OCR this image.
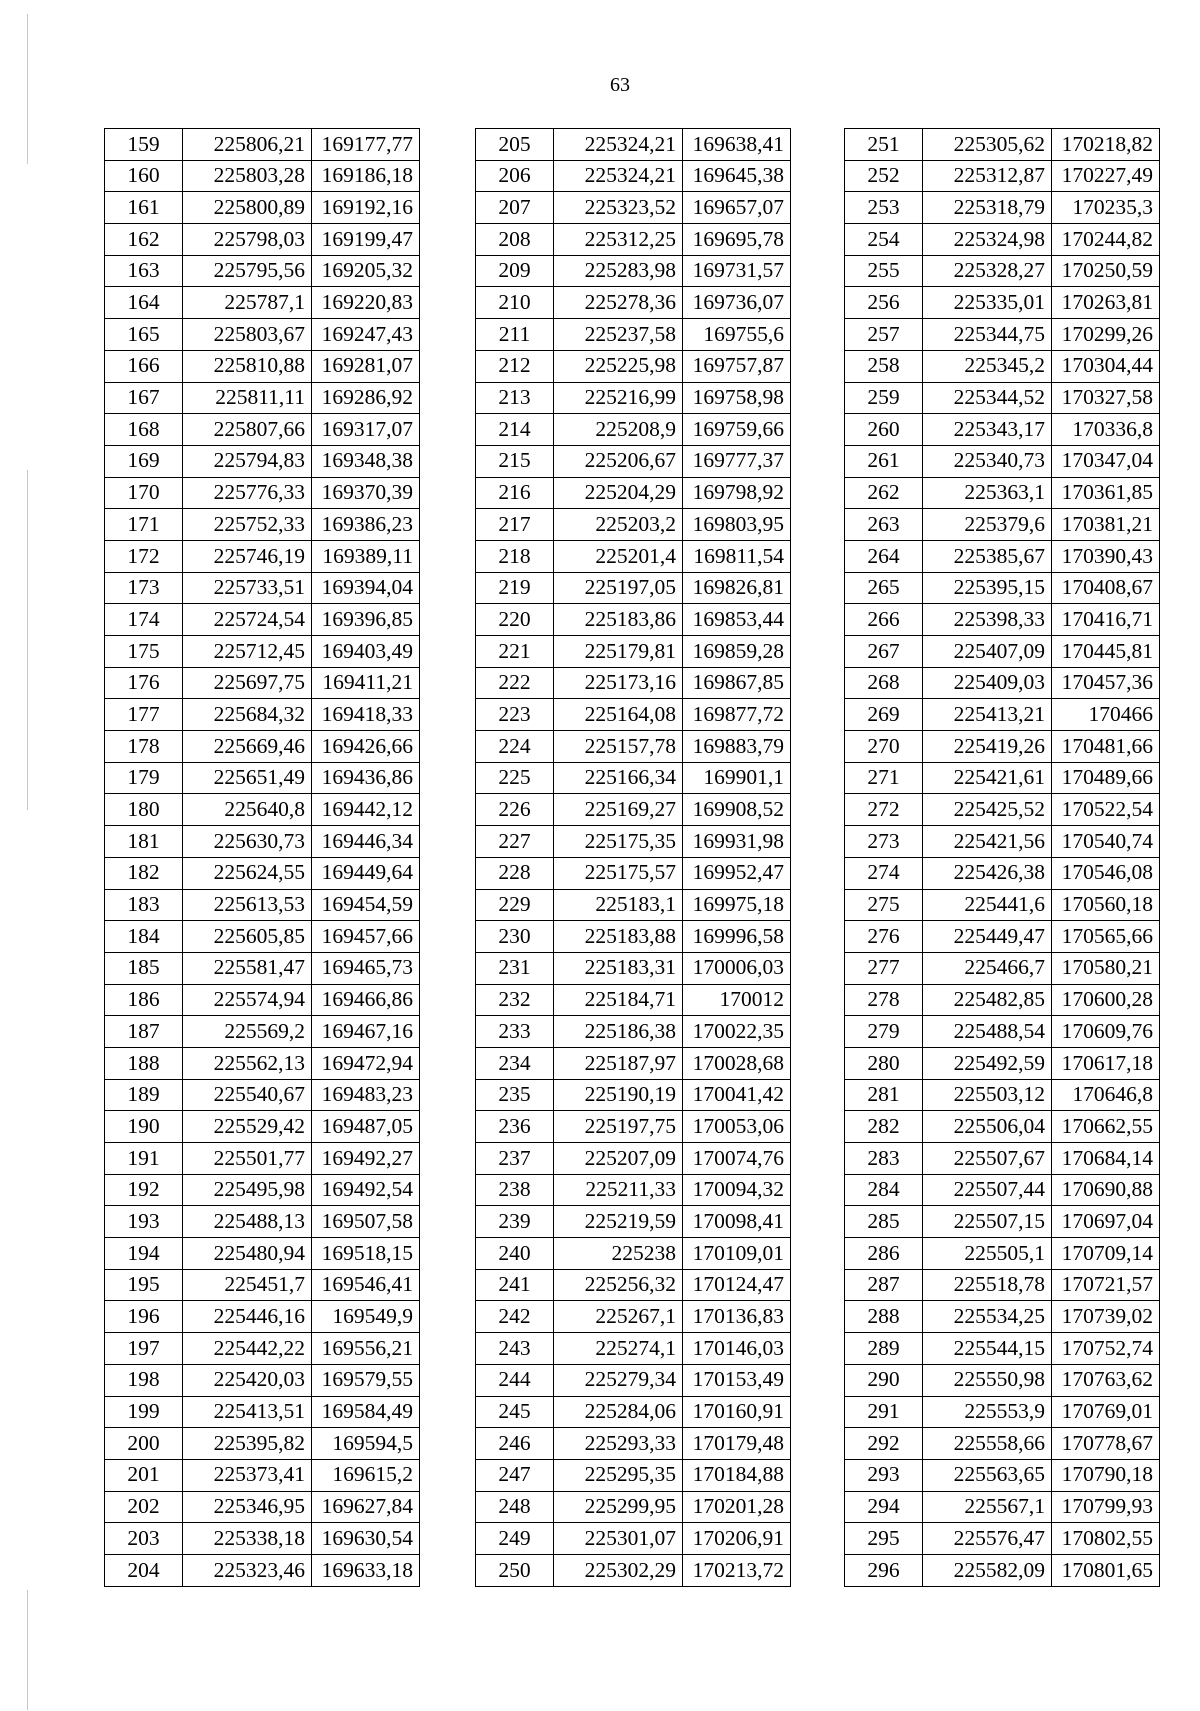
63
159	225806,21	169177,77
160	225803,28	169186,18
161	225800,89	169192,16
162	225798,03	169199,47
163	225795,56	169205,32
164	225787,1	169220,83
165	225803,67	169247,43
166	225810,88	169281,07
167	225811,11	169286,92
168	225807,66	169317,07
169	225794,83	169348,38
170	225776,33	169370,39
171	225752,33	169386,23
172	225746,19	169389,11
173	225733,51	169394,04
174	225724,54	169396,85
175	225712,45	169403,49
176	225697,75	169411,21
177	225684,32	169418,33
178	225669,46	169426,66
179	225651,49	169436,86
180	225640,8	169442,12
181	225630,73	169446,34
182	225624,55	169449,64
183	225613,53	169454,59
184	225605,85	169457,66
185	225581,47	169465,73
186	225574,94	169466,86
187	225569,2	169467,16
188	225562,13	169472,94
189	225540,67	169483,23
190	225529,42	169487,05
191	225501,77	169492,27
192	225495,98	169492,54
193	225488,13	169507,58
194	225480,94	169518,15
195	225451,7	169546,41
196	225446,16	169549,9
197	225442,22	169556,21
198	225420,03	169579,55
199	225413,51	169584,49
200	225395,82	169594,5
201	225373,41	169615,2
202	225346,95	169627,84
203	225338,18	169630,54
204	225323,46	169633,18
205	225324,21	169638,41
206	225324,21	169645,38
207	225323,52	169657,07
208	225312,25	169695,78
209	225283,98	169731,57
210	225278,36	169736,07
211	225237,58	169755,6
212	225225,98	169757,87
213	225216,99	169758,98
214	225208,9	169759,66
215	225206,67	169777,37
216	225204,29	169798,92
217	225203,2	169803,95
218	225201,4	169811,54
219	225197,05	169826,81
220	225183,86	169853,44
221	225179,81	169859,28
222	225173,16	169867,85
223	225164,08	169877,72
224	225157,78	169883,79
225	225166,34	169901,1
226	225169,27	169908,52
227	225175,35	169931,98
228	225175,57	169952,47
229	225183,1	169975,18
230	225183,88	169996,58
231	225183,31	170006,03
232	225184,71	170012
233	225186,38	170022,35
234	225187,97	170028,68
235	225190,19	170041,42
236	225197,75	170053,06
237	225207,09	170074,76
238	225211,33	170094,32
239	225219,59	170098,41
240	225238	170109,01
241	225256,32	170124,47
242	225267,1	170136,83
243	225274,1	170146,03
244	225279,34	170153,49
245	225284,06	170160,91
246	225293,33	170179,48
247	225295,35	170184,88
248	225299,95	170201,28
249	225301,07	170206,91
250	225302,29	170213,72
251	225305,62	170218,82
252	225312,87	170227,49
253	225318,79	170235,3
254	225324,98	170244,82
255	225328,27	170250,59
256	225335,01	170263,81
257	225344,75	170299,26
258	225345,2	170304,44
259	225344,52	170327,58
260	225343,17	170336,8
261	225340,73	170347,04
262	225363,1	170361,85
263	225379,6	170381,21
264	225385,67	170390,43
265	225395,15	170408,67
266	225398,33	170416,71
267	225407,09	170445,81
268	225409,03	170457,36
269	225413,21	170466
270	225419,26	170481,66
271	225421,61	170489,66
272	225425,52	170522,54
273	225421,56	170540,74
274	225426,38	170546,08
275	225441,6	170560,18
276	225449,47	170565,66
277	225466,7	170580,21
278	225482,85	170600,28
279	225488,54	170609,76
280	225492,59	170617,18
281	225503,12	170646,8
282	225506,04	170662,55
283	225507,67	170684,14
284	225507,44	170690,88
285	225507,15	170697,04
286	225505,1	170709,14
287	225518,78	170721,57
288	225534,25	170739,02
289	225544,15	170752,74
290	225550,98	170763,62
291	225553,9	170769,01
292	225558,66	170778,67
293	225563,65	170790,18
294	225567,1	170799,93
295	225576,47	170802,55
296	225582,09	170801,65
